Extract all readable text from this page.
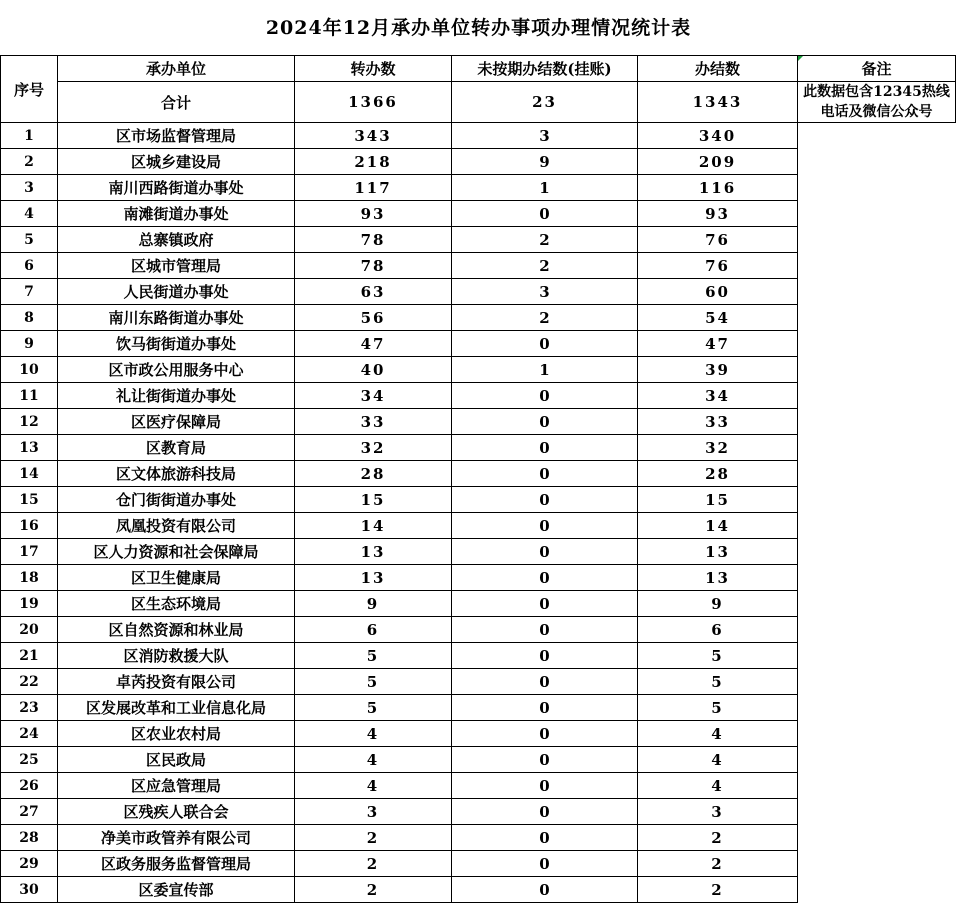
2024年12月承办单位转办事项办理情况统计表
序号	承办单位	转办数	未按期办结数(挂账)	办结数	备注
	合计	1366	23	1343	此数据包含12345热线电话及微信公众号
1	区市场监督管理局	343	3	340	
2	区城乡建设局	218	9	209	
3	南川西路街道办事处	117	1	116	
4	南滩街道办事处	93	0	93	
5	总寨镇政府	78	2	76	
6	区城市管理局	78	2	76	
7	人民街道办事处	63	3	60	
8	南川东路街道办事处	56	2	54	
9	饮马街街道办事处	47	0	47	
10	区市政公用服务中心	40	1	39	
11	礼让街街道办事处	34	0	34	
12	区医疗保障局	33	0	33	
13	区教育局	32	0	32	
14	区文体旅游科技局	28	0	28	
15	仓门街街道办事处	15	0	15	
16	凤凰投资有限公司	14	0	14	
17	区人力资源和社会保障局	13	0	13	
18	区卫生健康局	13	0	13	
19	区生态环境局	9	0	9	
20	区自然资源和林业局	6	0	6	
21	区消防救援大队	5	0	5	
22	卓芮投资有限公司	5	0	5	
23	区发展改革和工业信息化局	5	0	5	
24	区农业农村局	4	0	4	
25	区民政局	4	0	4	
26	区应急管理局	4	0	4	
27	区残疾人联合会	3	0	3	
28	净美市政管养有限公司	2	0	2	
29	区政务服务监督管理局	2	0	2	
30	区委宣传部	2	0	2	
